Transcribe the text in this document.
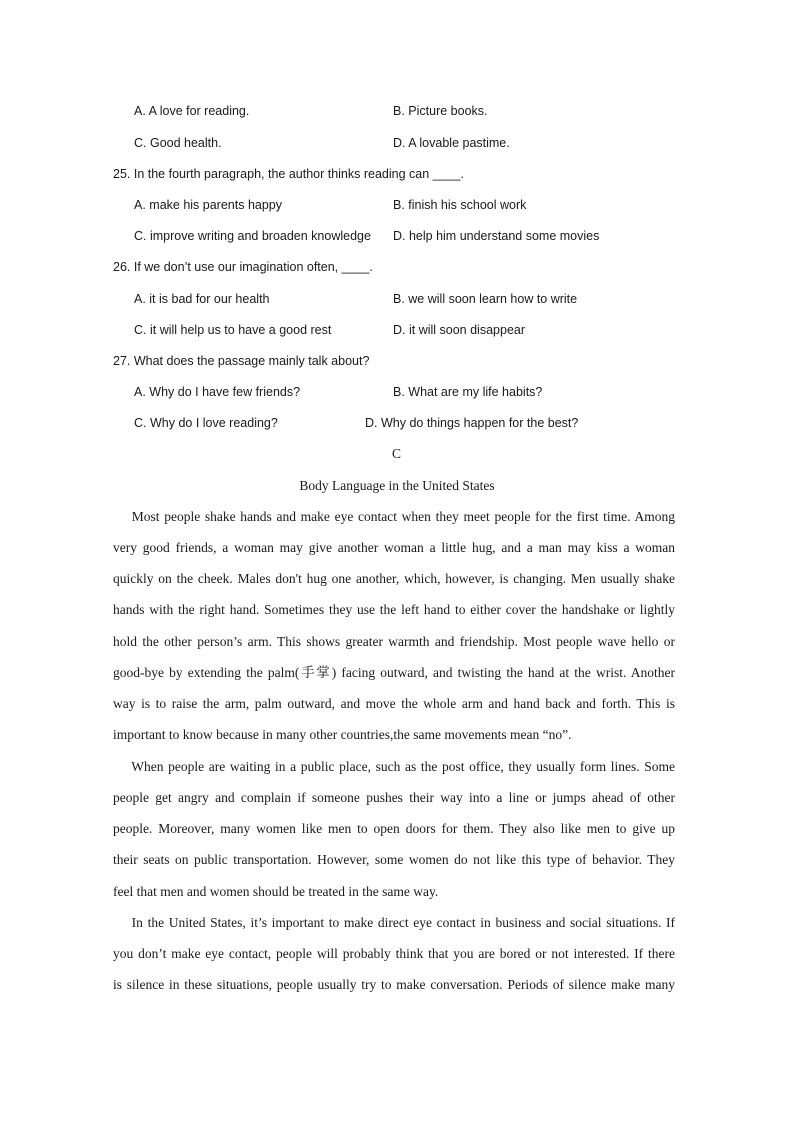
A. A love for reading.	B. Picture books.
C. Good health.	D. A lovable pastime.
25. In the fourth paragraph, the author thinks reading can ____.
A. make his parents happy	B. finish his school work
C. improve writing and broaden knowledge D. help him understand some movies
26. If we don’t use our imagination often, ____.
A. it is bad for our health	B. we will soon learn how to write
C. it will help us to have a good rest	D. it will soon disappear
27. What does the passage mainly talk about?
A. Why do I have few friends?	B. What are my life habits?
C. Why do I love reading?	D. Why do things happen for the best?
C
Body Language in the United States
Most people shake hands and make eye contact when they meet people for the first time. Among
very good friends, a woman may give another woman a little hug, and a man may kiss a woman
quickly on the cheek. Males don't hug one another, which, however, is changing. Men usually shake
hands with the right hand. Sometimes they use the left hand to either cover the handshake or lightly
hold the other person’s arm. This shows greater warmth and friendship. Most people wave hello or
good-bye by extending the palm(手掌) facing outward, and twisting the hand at the wrist. Another
way is to raise the arm, palm outward, and move the whole arm and hand back and forth. This is
important to know because in many other countries,the same movements mean “no”.
When people are waiting in a public place, such as the post office, they usually form lines. Some
people get angry and complain if someone pushes their way into a line or jumps ahead of other
people. Moreover, many women like men to open doors for them. They also like men to give up
their seats on public transportation. However, some women do not like this type of behavior. They
feel that men and women should be treated in the same way.
In the United States, it’s important to make direct eye contact in business and social situations. If
you don’t make eye contact, people will probably think that you are bored or not interested. If there
is silence in these situations, people usually try to make conversation. Periods of silence make many
